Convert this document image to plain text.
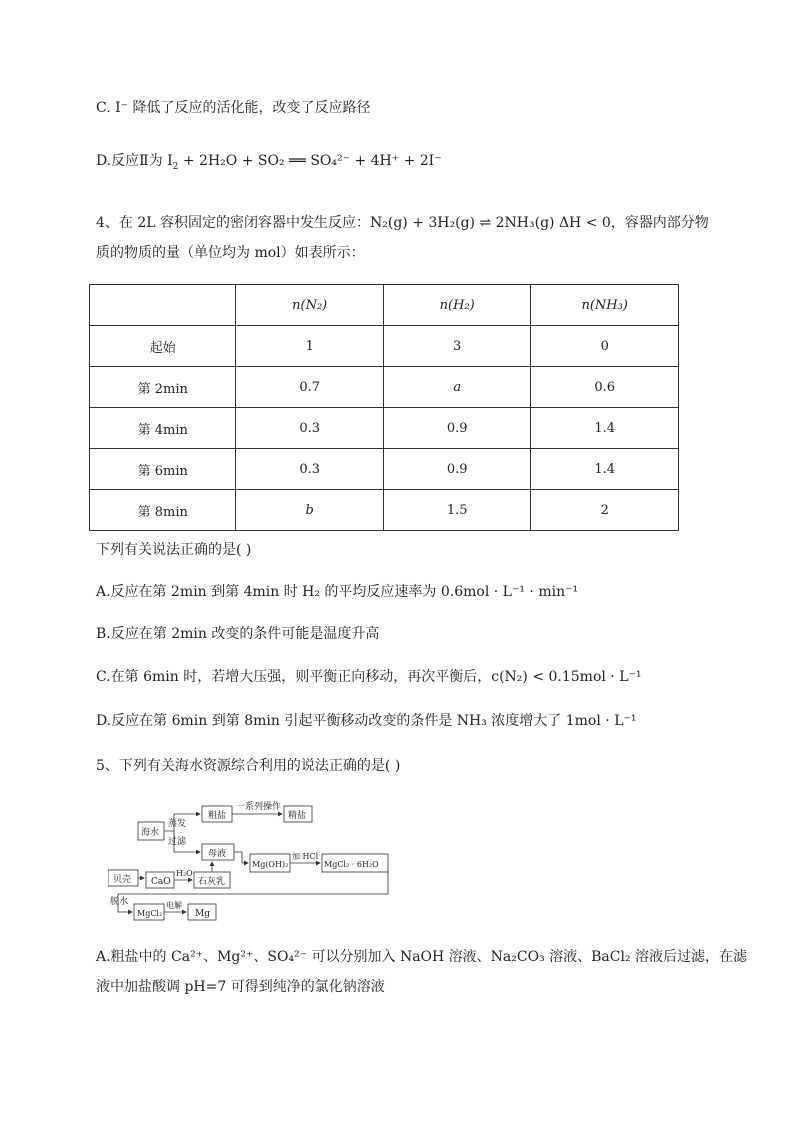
C. I⁻ 降低了反应的活化能，改变了反应路径
D.反应Ⅱ为 $I_2 + 2H_2O + SO_2$ ══ SO₄²⁻ + 4H⁺ + 2I⁻
4、在 2L 容积固定的密闭容器中发生反应：N₂(g) + 3H₂(g) ⇌ 2NH₃(g) ΔH < 0，容器内部分物
质的物质的量（单位均为 mol）如表所示：
	n(N₂)	n(H₂)	n(NH₃)
起始	1	3	0
第 2min	0.7	a	0.6
第 4min	0.3	0.9	1.4
第 6min	0.3	0.9	1.4
第 8min	b	1.5	2
下列有关说法正确的是( )
A.反应在第 2min 到第 4min 时 H₂ 的平均反应速率为 0.6mol · L⁻¹ · min⁻¹
B.反应在第 2min 改变的条件可能是温度升高
C.在第 6min 时，若增大压强，则平衡正向移动，再次平衡后，c(N₂) < 0.15mol · L⁻¹
D.反应在第 6min 到第 8min 引起平衡移动改变的条件是 NH₃ 浓度增大了 1mol · L⁻¹
5、下列有关海水资源综合利用的说法正确的是( )
海水
蒸发
过滤
粗盐
一系列操作
精盐
母液
Mg(OH)₂
加 HCl
MgCl₂ · 6H₂O
贝壳 CaO
H₂O
石灰乳
脱水
MgCl₂
电解
Mg
A.粗盐中的 Ca²⁺、Mg²⁺、SO₄²⁻ 可以分别加入 NaOH 溶液、Na₂CO₃ 溶液、BaCl₂ 溶液后过滤，在滤
液中加盐酸调 pH=7 可得到纯净的氯化钠溶液
